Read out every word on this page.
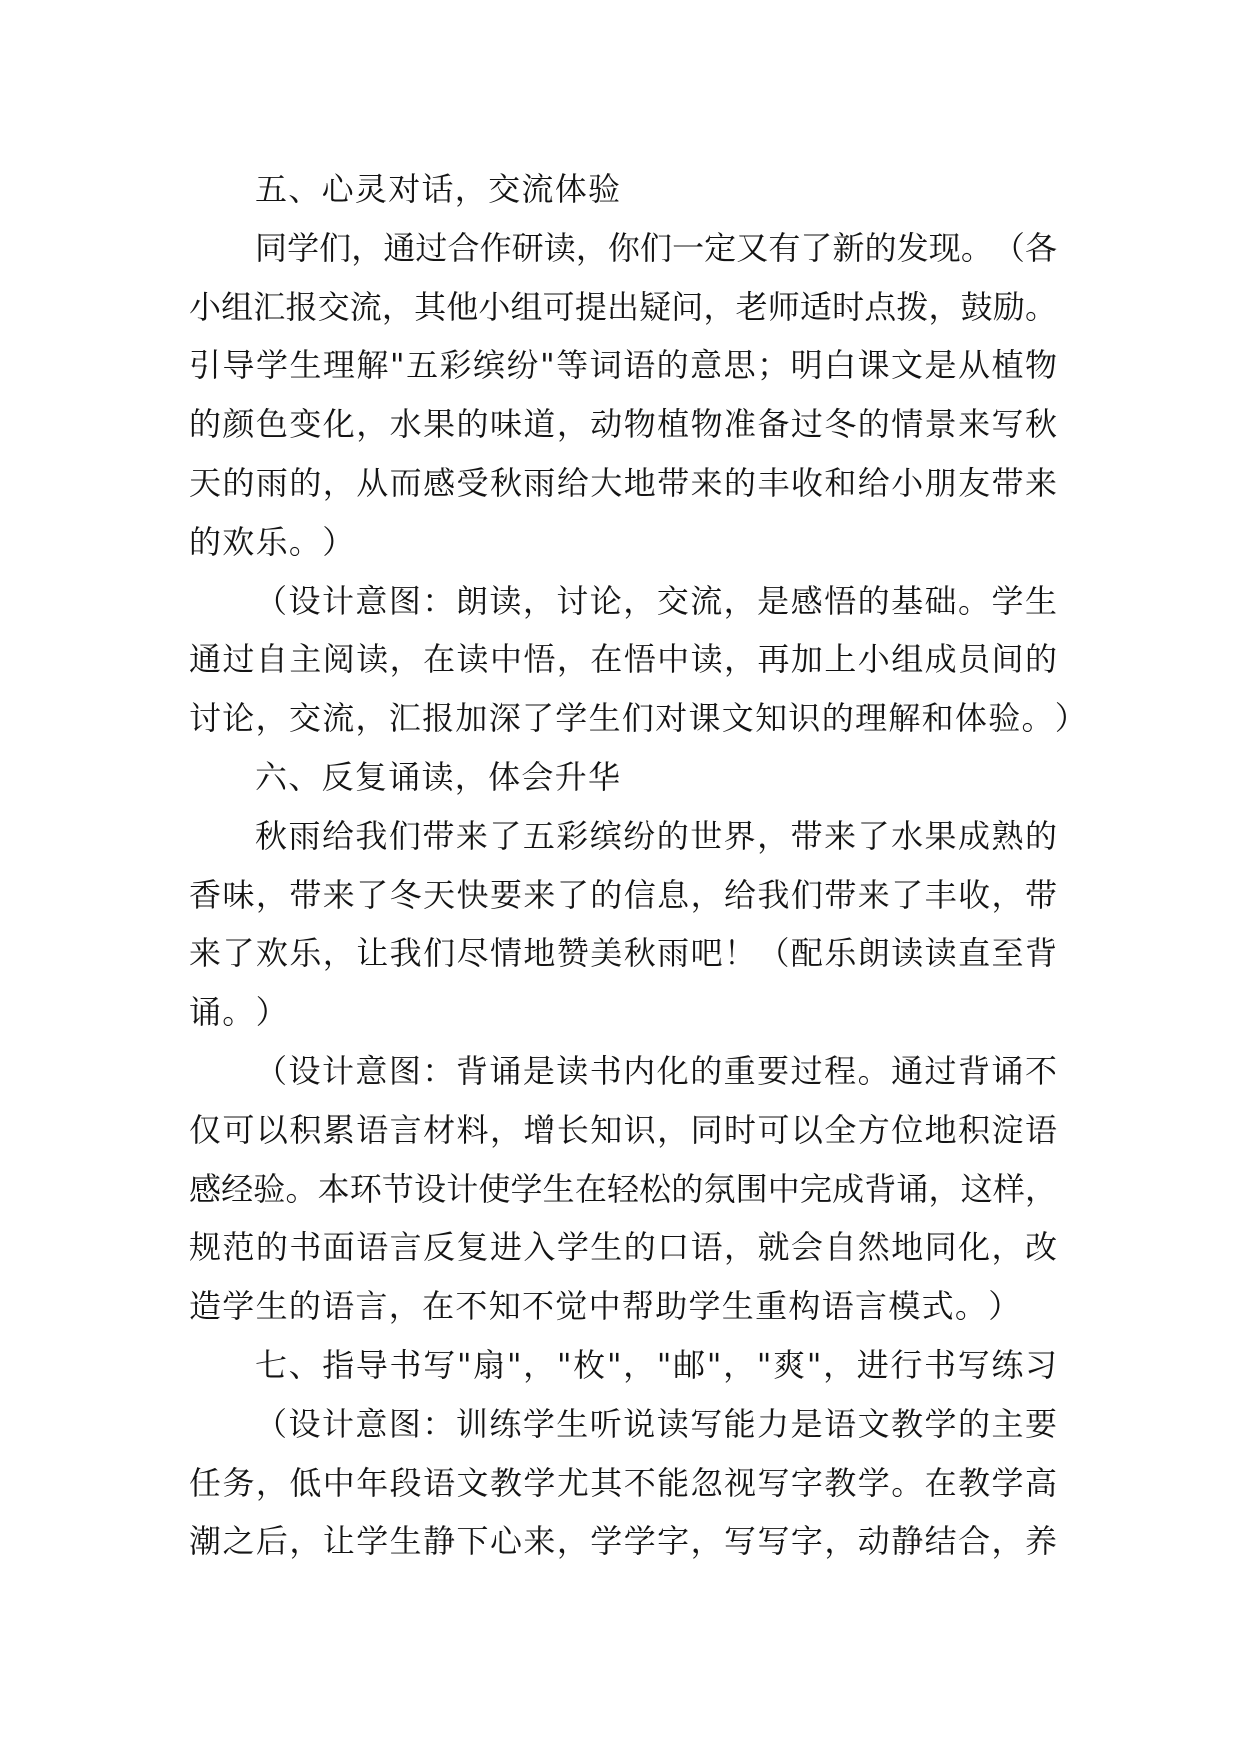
五、心灵对话，交流体验
同学们，通过合作研读，你们一定又有了新的发现。（各
小组汇报交流，其他小组可提出疑问，老师适时点拨，鼓励。
引导学生理解"五彩缤纷"等词语的意思；明白课文是从植物
的颜色变化，水果的味道，动物植物准备过冬的情景来写秋
天的雨的，从而感受秋雨给大地带来的丰收和给小朋友带来
的欢乐。）
（设计意图：朗读，讨论，交流，是感悟的基础。学生
通过自主阅读，在读中悟，在悟中读，再加上小组成员间的
讨论，交流，汇报加深了学生们对课文知识的理解和体验。）
六、反复诵读，体会升华
秋雨给我们带来了五彩缤纷的世界，带来了水果成熟的
香味，带来了冬天快要来了的信息，给我们带来了丰收，带
来了欢乐，让我们尽情地赞美秋雨吧！（配乐朗读读直至背
诵。）
（设计意图：背诵是读书内化的重要过程。通过背诵不
仅可以积累语言材料，增长知识，同时可以全方位地积淀语
感经验。本环节设计使学生在轻松的氛围中完成背诵，这样，
规范的书面语言反复进入学生的口语，就会自然地同化，改
造学生的语言，在不知不觉中帮助学生重构语言模式。）
七、指导书写"扇"，"枚"，"邮"，"爽"，进行书写练习
（设计意图：训练学生听说读写能力是语文教学的主要
任务，低中年段语文教学尤其不能忽视写字教学。在教学高
潮之后，让学生静下心来，学学字，写写字，动静结合，养
